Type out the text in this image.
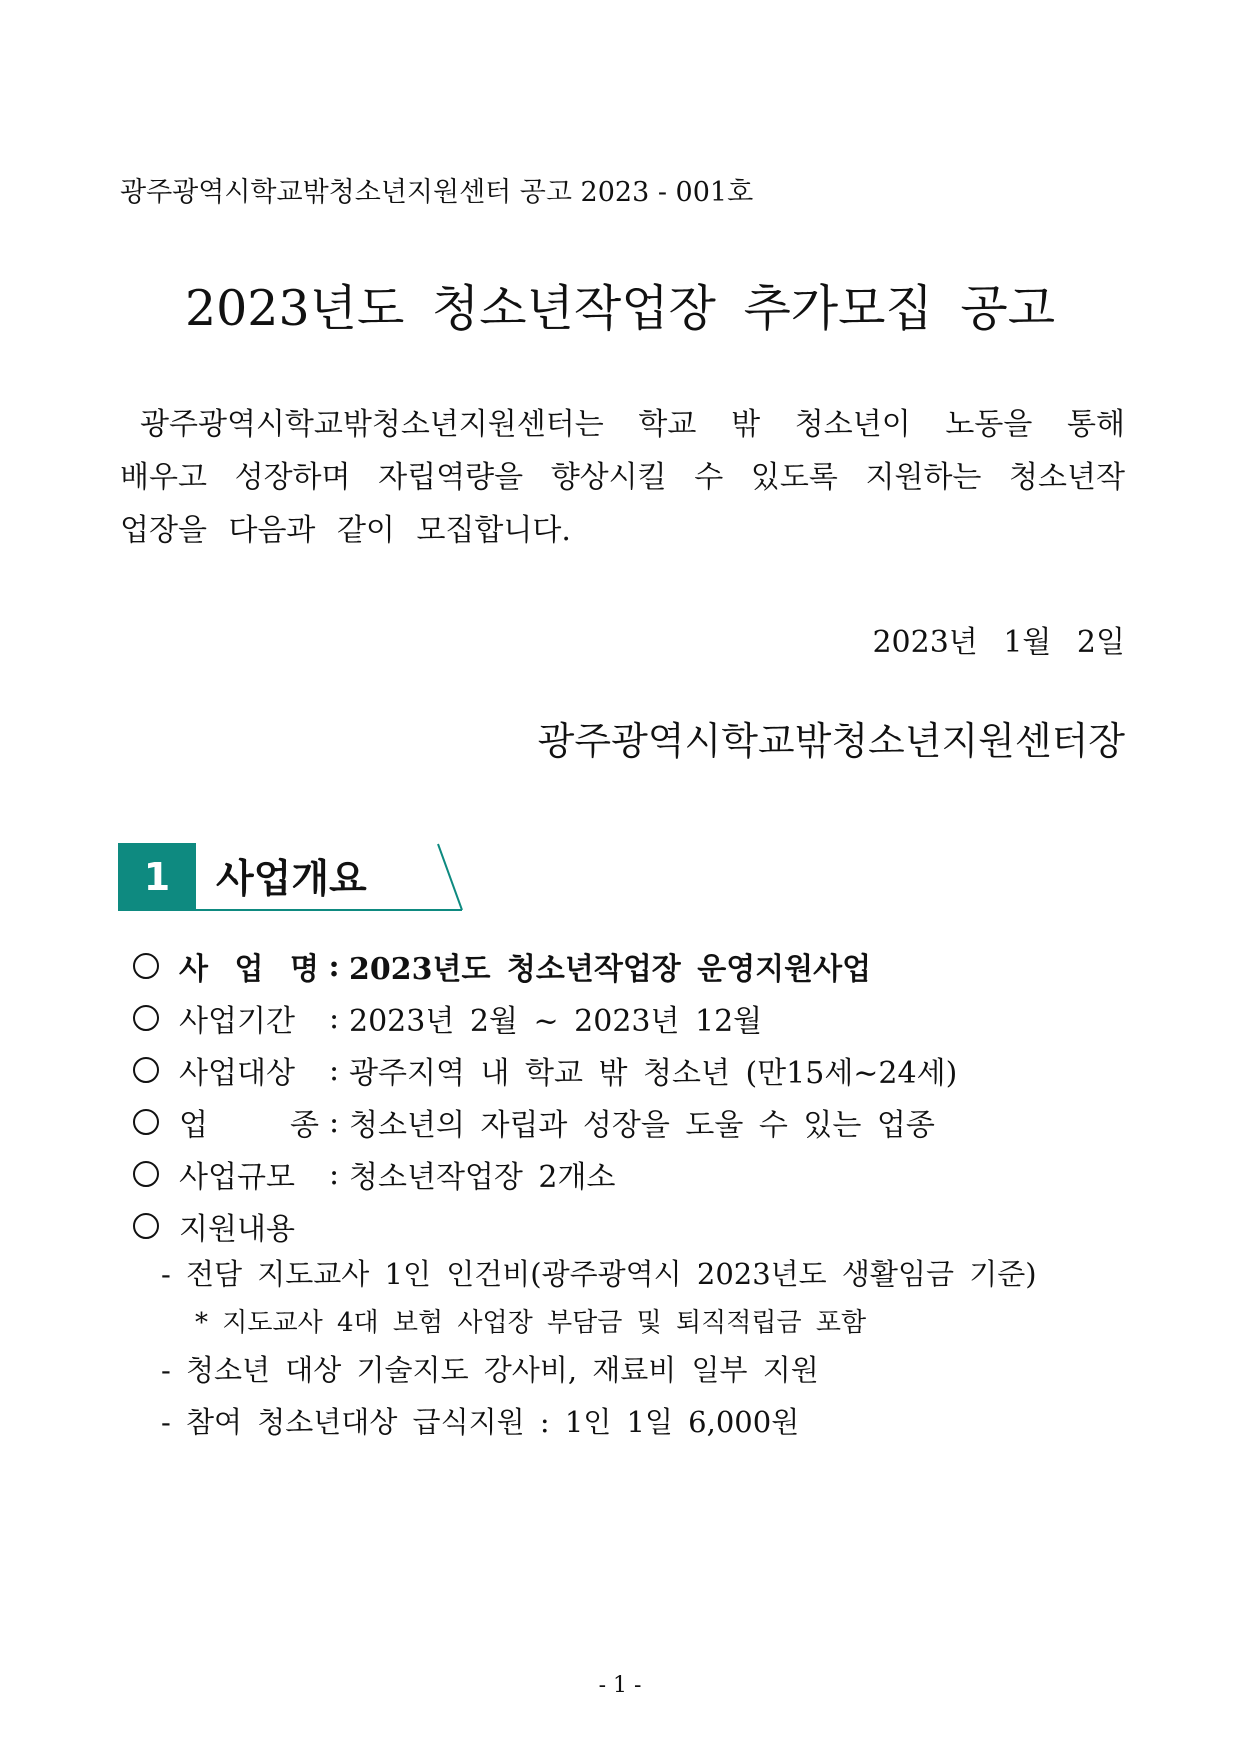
광주광역시학교밖청소년지원센터 공고 2023 - 001호
2023년도 청소년작업장 추가모집 공고
광주광역시학교밖청소년지원센터는 학교 밖 청소년이 노동을 통해
배우고 성장하며 자립역량을 향상시킬 수 있도록 지원하는 청소년작
업장을 다음과 같이 모집합니다.
2023년 1월 2일
광주광역시학교밖청소년지원센터장
1	사업개요
사 업 명 : 2023년도 청소년작업장 운영지원사업
사업기간	: 2023년 2월 ~ 2023년 12월
사업대상	: 광주지역 내 학교 밖 청소년 (만15세∼24세)
업	종 : 청소년의 자립과 성장을 도울 수 있는 업종
사업규모	: 청소년작업장 2개소
지원내용
- 전담 지도교사 1인 인건비(광주광역시 2023년도 생활임금 기준)
* 지도교사 4대 보험 사업장 부담금 및 퇴직적립금 포함
- 청소년 대상 기술지도 강사비, 재료비 일부 지원
- 참여 청소년대상 급식지원 : 1인 1일 6,000원
- 1 -
